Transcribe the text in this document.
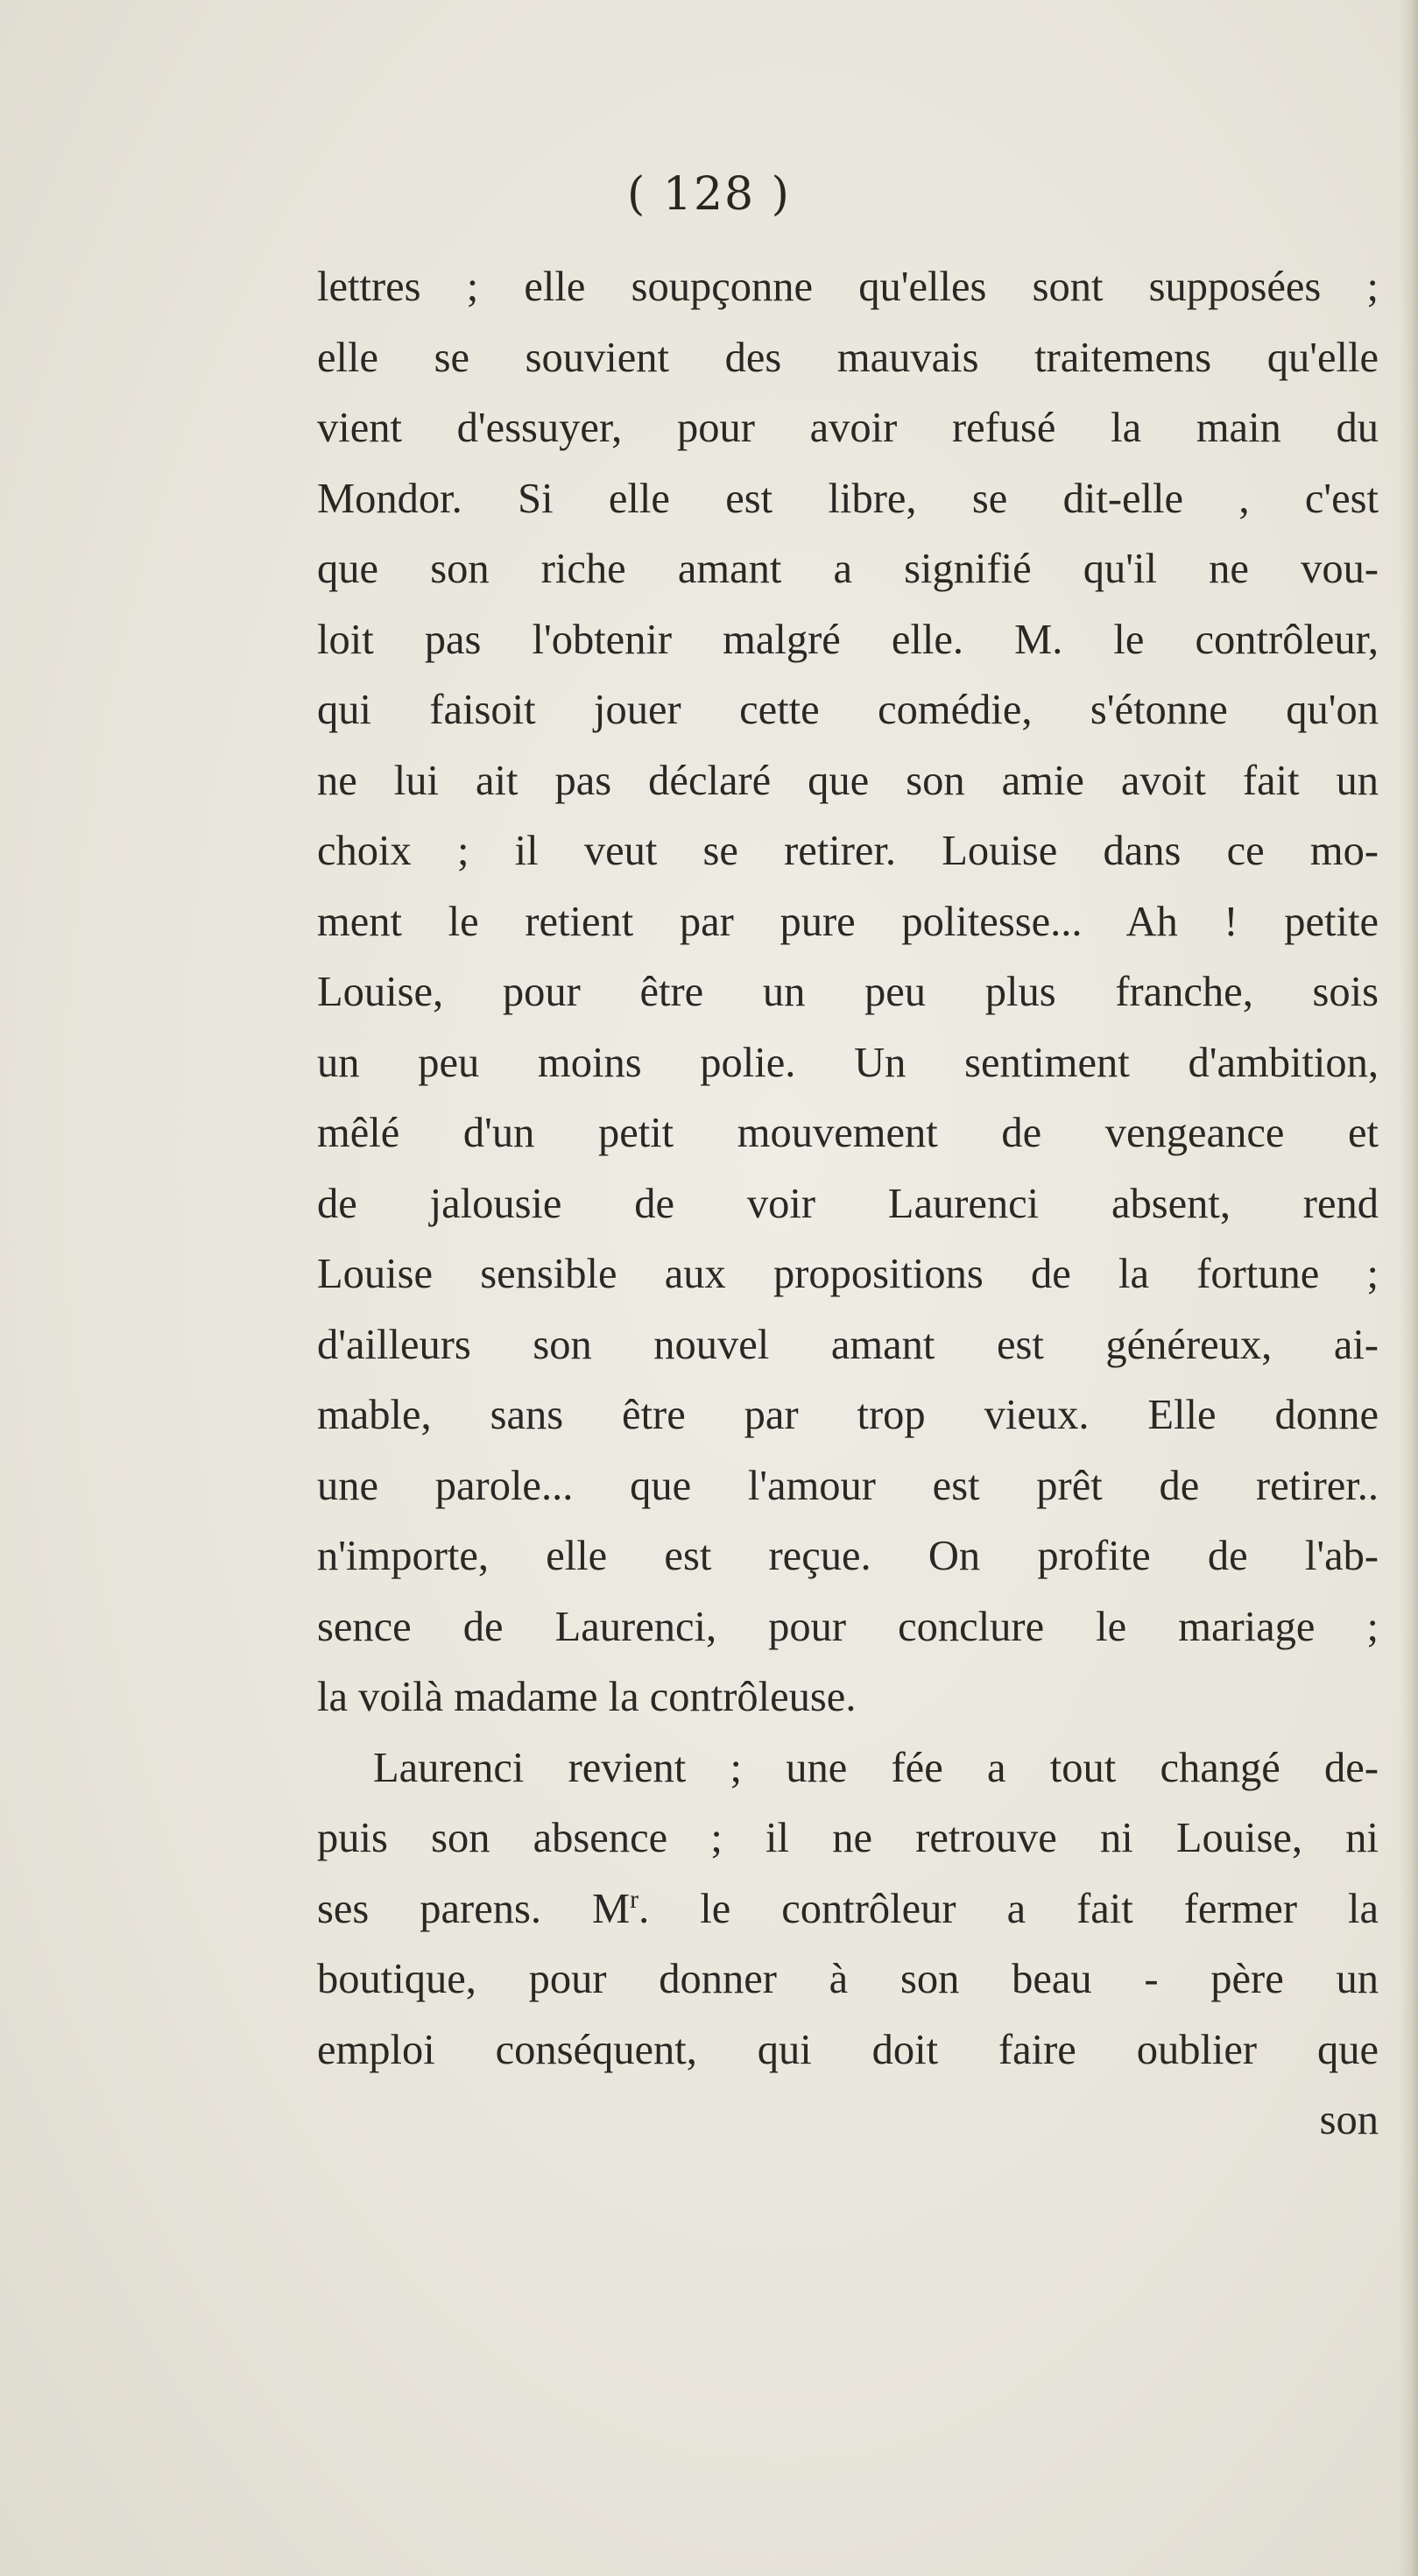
( 128 )
lettres ; elle soupçonne qu'elles sont supposées ;
elle se souvient des mauvais traitemens qu'elle
vient d'essuyer, pour avoir refusé la main du
Mondor. Si elle est libre, se dit-elle , c'est
que son riche amant a signifié qu'il ne vou-
loit pas l'obtenir malgré elle. M. le contrôleur,
qui faisoit jouer cette comédie, s'étonne qu'on
ne lui ait pas déclaré que son amie avoit fait un
choix ; il veut se retirer. Louise dans ce mo-
ment le retient par pure politesse... Ah ! petite
Louise, pour être un peu plus franche, sois
un peu moins polie. Un sentiment d'ambition,
mêlé d'un petit mouvement de vengeance et
de jalousie de voir Laurenci absent, rend
Louise sensible aux propositions de la fortune ;
d'ailleurs son nouvel amant est généreux, ai-
mable, sans être par trop vieux. Elle donne
une parole... que l'amour est prêt de retirer..
n'importe, elle est reçue. On profite de l'ab-
sence de Laurenci, pour conclure le mariage ;
la voilà madame la contrôleuse.
Laurenci revient ; une fée a tout changé de-
puis son absence ; il ne retrouve ni Louise, ni
ses parens. $M^r$. le contrôleur a fait fermer la
boutique, pour donner à son beau - père un
emploi conséquent, qui doit faire oublier que
son
